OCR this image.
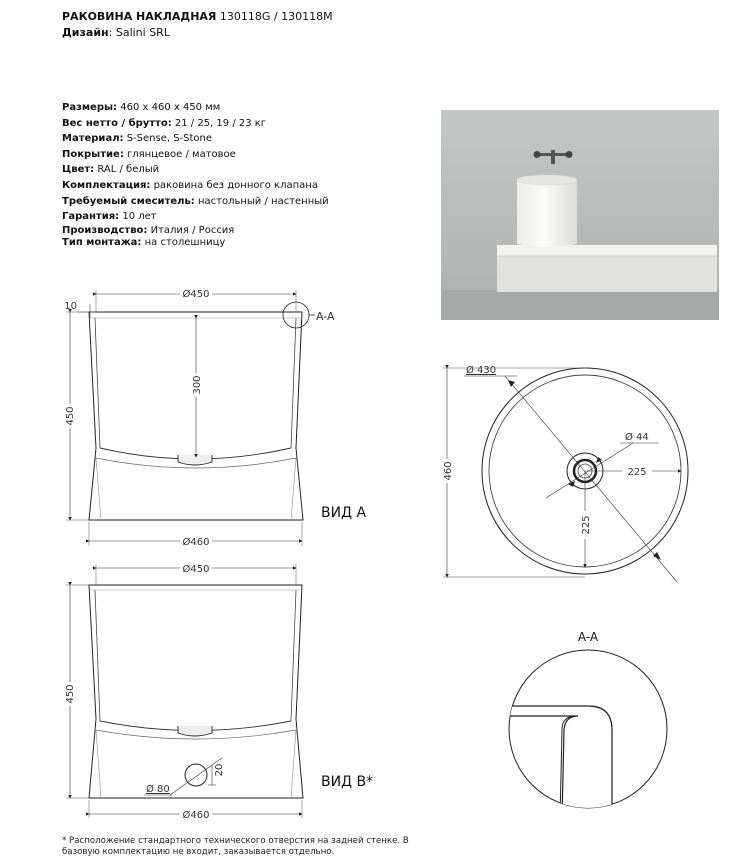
РАКОВИНА НАКЛАДНАЯ 130118G / 130118M
Дизайн: Salini SRL
Размеры: 460 x 460 x 450 мм
Вес нетто / брутто: 21 / 25, 19 / 23 кг
Материал: S-Sense, S-Stone
Покрытие: глянцевое / матовое
Цвет: RAL / белый
Комплектация: раковина без донного клапана
Требуемый смеситель: настольный / настенный
Гарантия: 10 лет
Производство: Италия / Россия
Тип монтажа: на столешницу
Ø450
10
450
300
Ø460
A-A
ВИД А
Ø 430
Ø 44
225
225
460
Ø 80
20
Ø450
450
Ø460
ВИД В*
A-A
* Расположение стандартного технического отверстия на задней стенке. В
базовую комплектацию не входит, заказывается отдельно.
